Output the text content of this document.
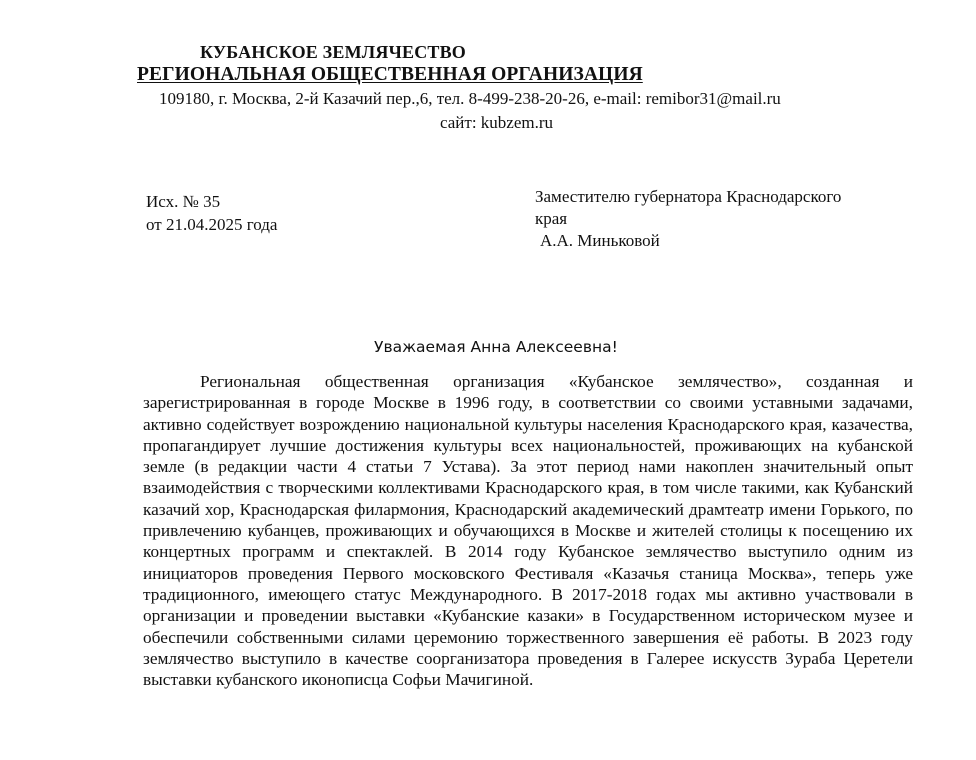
КУБАНСКОЕ ЗЕМЛЯЧЕСТВО
РЕГИОНАЛЬНАЯ ОБЩЕСТВЕННАЯ ОРГАНИЗАЦИЯ
109180, г. Москва, 2-й Казачий пер.,6, тел. 8-499-238-20-26, e-mail: remibor31@mail.ru
сайт: kubzem.ru
Исх. № 35
от 21.04.2025 года
Заместителю губернатора Краснодарского
края
А.А. Миньковой
Уважаемая Анна Алексеевна!

Региональная общественная организация «Кубанское землячество», созданная и зарегистрированная в городе Москве в 1996 году, в соответствии со своими уставными задачами, активно содействует возрождению национальной культуры населения Краснодарского края, казачества, пропагандирует лучшие достижения культуры всех национальностей, проживающих на кубанской земле (в редакции части 4 статьи 7 Устава). За этот период нами накоплен значительный опыт взаимодействия с творческими коллективами Краснодарского края, в том числе такими, как Кубанский казачий хор, Краснодарская филармония, Краснодарский академический драмтеатр имени Горького, по привлечению кубанцев, проживающих и обучающихся в Москве и жителей столицы к посещению их концертных программ и спектаклей. В 2014 году Кубанское землячество выступило одним из инициаторов проведения Первого московского Фестиваля «Казачья станица Москва», теперь уже традиционного, имеющего статус Международного. В 2017-2018 годах мы активно участвовали в организации и проведении выставки «Кубанские казаки» в Государственном историческом музее и обеспечили собственными силами церемонию торжественного завершения её работы. В 2023 году землячество выступило в качестве соорганизатора проведения в Галерее искусств Зураба Церетели выставки кубанского иконописца Софьи Мачигиной.
